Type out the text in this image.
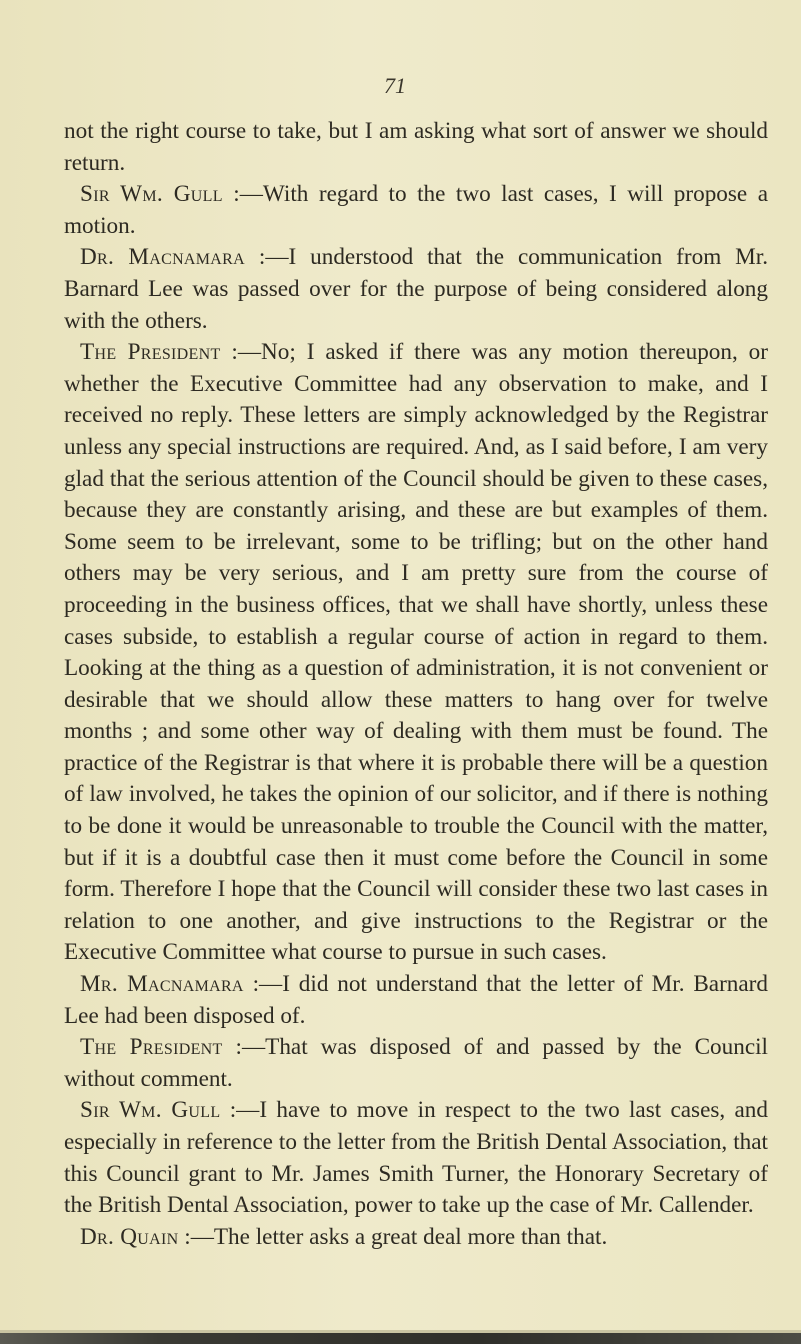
71

not the right course to take, but I am asking what sort of answer we should return.

Sir Wm. Gull :—With regard to the two last cases, I will propose a motion.

Dr. Macnamara :—I understood that the communication from Mr. Barnard Lee was passed over for the purpose of being considered along with the others.

The President :—No; I asked if there was any motion thereupon, or whether the Executive Committee had any observation to make, and I received no reply. These letters are simply acknowledged by the Registrar unless any special instructions are required. And, as I said before, I am very glad that the serious attention of the Council should be given to these cases, because they are constantly arising, and these are but examples of them. Some seem to be irrelevant, some to be trifling; but on the other hand others may be very serious, and I am pretty sure from the course of proceeding in the business offices, that we shall have shortly, unless these cases subside, to establish a regular course of action in regard to them. Looking at the thing as a question of administration, it is not convenient or desirable that we should allow these matters to hang over for twelve months ; and some other way of dealing with them must be found. The practice of the Registrar is that where it is probable there will be a question of law involved, he takes the opinion of our solicitor, and if there is nothing to be done it would be unreasonable to trouble the Council with the matter, but if it is a doubtful case then it must come before the Council in some form. Therefore I hope that the Council will consider these two last cases in relation to one another, and give instructions to the Registrar or the Executive Committee what course to pursue in such cases.

Mr. Macnamara :—I did not understand that the letter of Mr. Barnard Lee had been disposed of.

The President :—That was disposed of and passed by the Council without comment.

Sir Wm. Gull :—I have to move in respect to the two last cases, and especially in reference to the letter from the British Dental Association, that this Council grant to Mr. James Smith Turner, the Honorary Secretary of the British Dental Association, power to take up the case of Mr. Callender.

Dr. Quain :—The letter asks a great deal more than that.
